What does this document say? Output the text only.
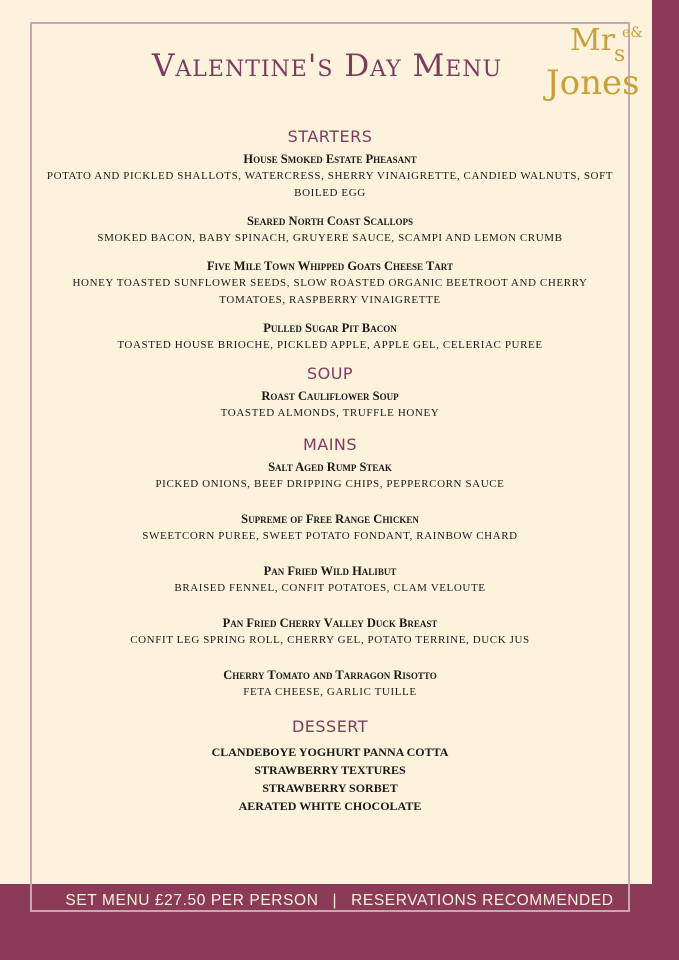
Valentine's Day Menu
Mr e&
s
Jones
STARTERS
House Smoked Estate Pheasant
POTATO AND PICKLED SHALLOTS, WATERCRESS, SHERRY VINAIGRETTE, CANDIED WALNUTS, SOFT BOILED EGG
Seared North Coast Scallops
SMOKED BACON, BABY SPINACH, GRUYERE SAUCE, SCAMPI AND LEMON CRUMB
Five Mile Town Whipped Goats Cheese Tart
HONEY TOASTED SUNFLOWER SEEDS, SLOW ROASTED ORGANIC BEETROOT AND CHERRY TOMATOES, RASPBERRY VINAIGRETTE
Pulled Sugar Pit Bacon
TOASTED HOUSE BRIOCHE, PICKLED APPLE, APPLE GEL, CELERIAC PUREE
SOUP
Roast Cauliflower Soup
TOASTED ALMONDS, TRUFFLE HONEY
MAINS
Salt Aged Rump Steak
PICKED ONIONS, BEEF DRIPPING CHIPS, PEPPERCORN SAUCE
Supreme of Free Range Chicken
SWEETCORN PUREE, SWEET POTATO FONDANT, RAINBOW CHARD
Pan Fried Wild Halibut
BRAISED FENNEL, CONFIT POTATOES, CLAM VELOUTE
Pan Fried Cherry Valley Duck Breast
CONFIT LEG SPRING ROLL, CHERRY GEL, POTATO TERRINE, DUCK JUS
Cherry Tomato and Tarragon Risotto
FETA CHEESE, GARLIC TUILLE
DESSERT
CLANDEBOYE YOGHURT PANNA COTTA
STRAWBERRY TEXTURES
STRAWBERRY SORBET
AERATED WHITE CHOCOLATE
SET MENU £27.50 PER PERSON | RESERVATIONS RECOMMENDED
